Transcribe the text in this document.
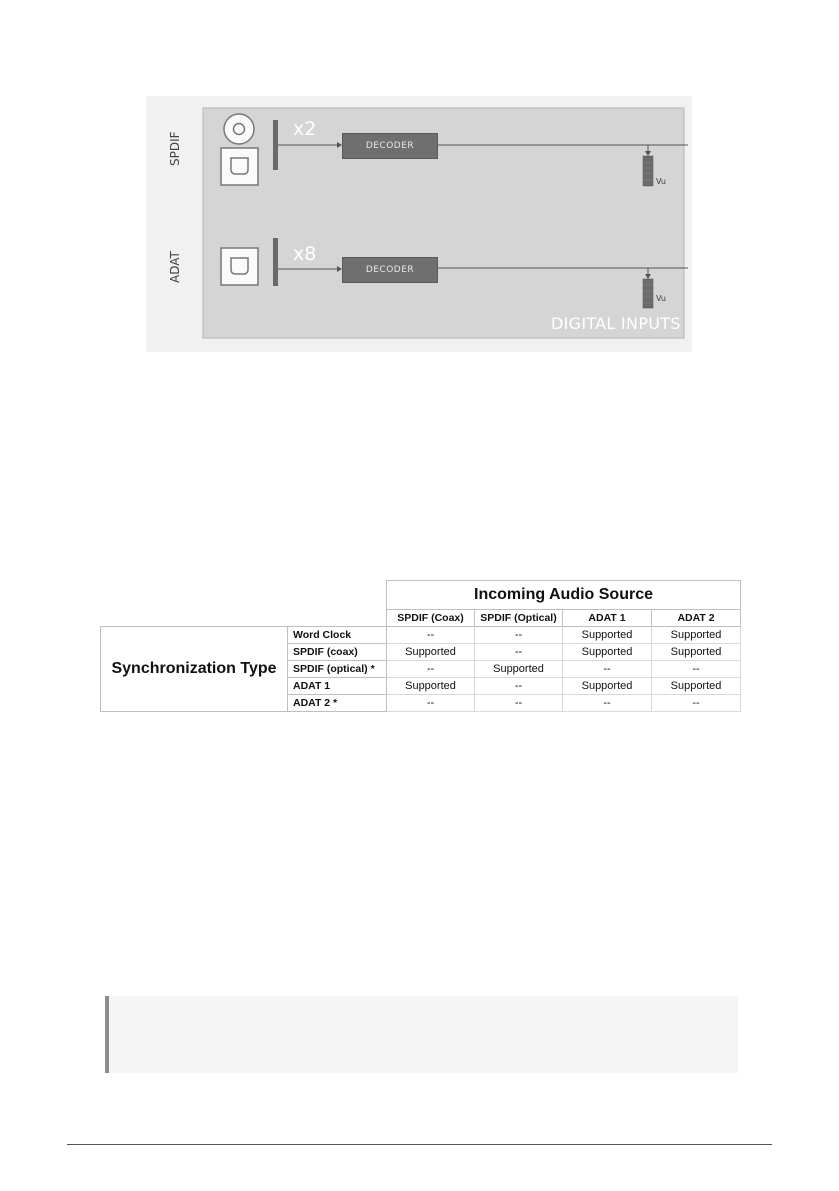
SPDIF
ADAT
x2
x8
DECODER
DECODER
Vu
Vu
DIGITAL INPUTS
		Incoming Audio Source			
		SPDIF (Coax)	SPDIF (Optical)	ADAT 1	ADAT 2
Synchronization Type	Word Clock	--	--	Supported	Supported
	SPDIF (coax)	Supported	--	Supported	Supported
	SPDIF (optical) *	--	Supported	--	--
	ADAT 1	Supported	--	Supported	Supported
	ADAT 2 *	--	--	--	--
